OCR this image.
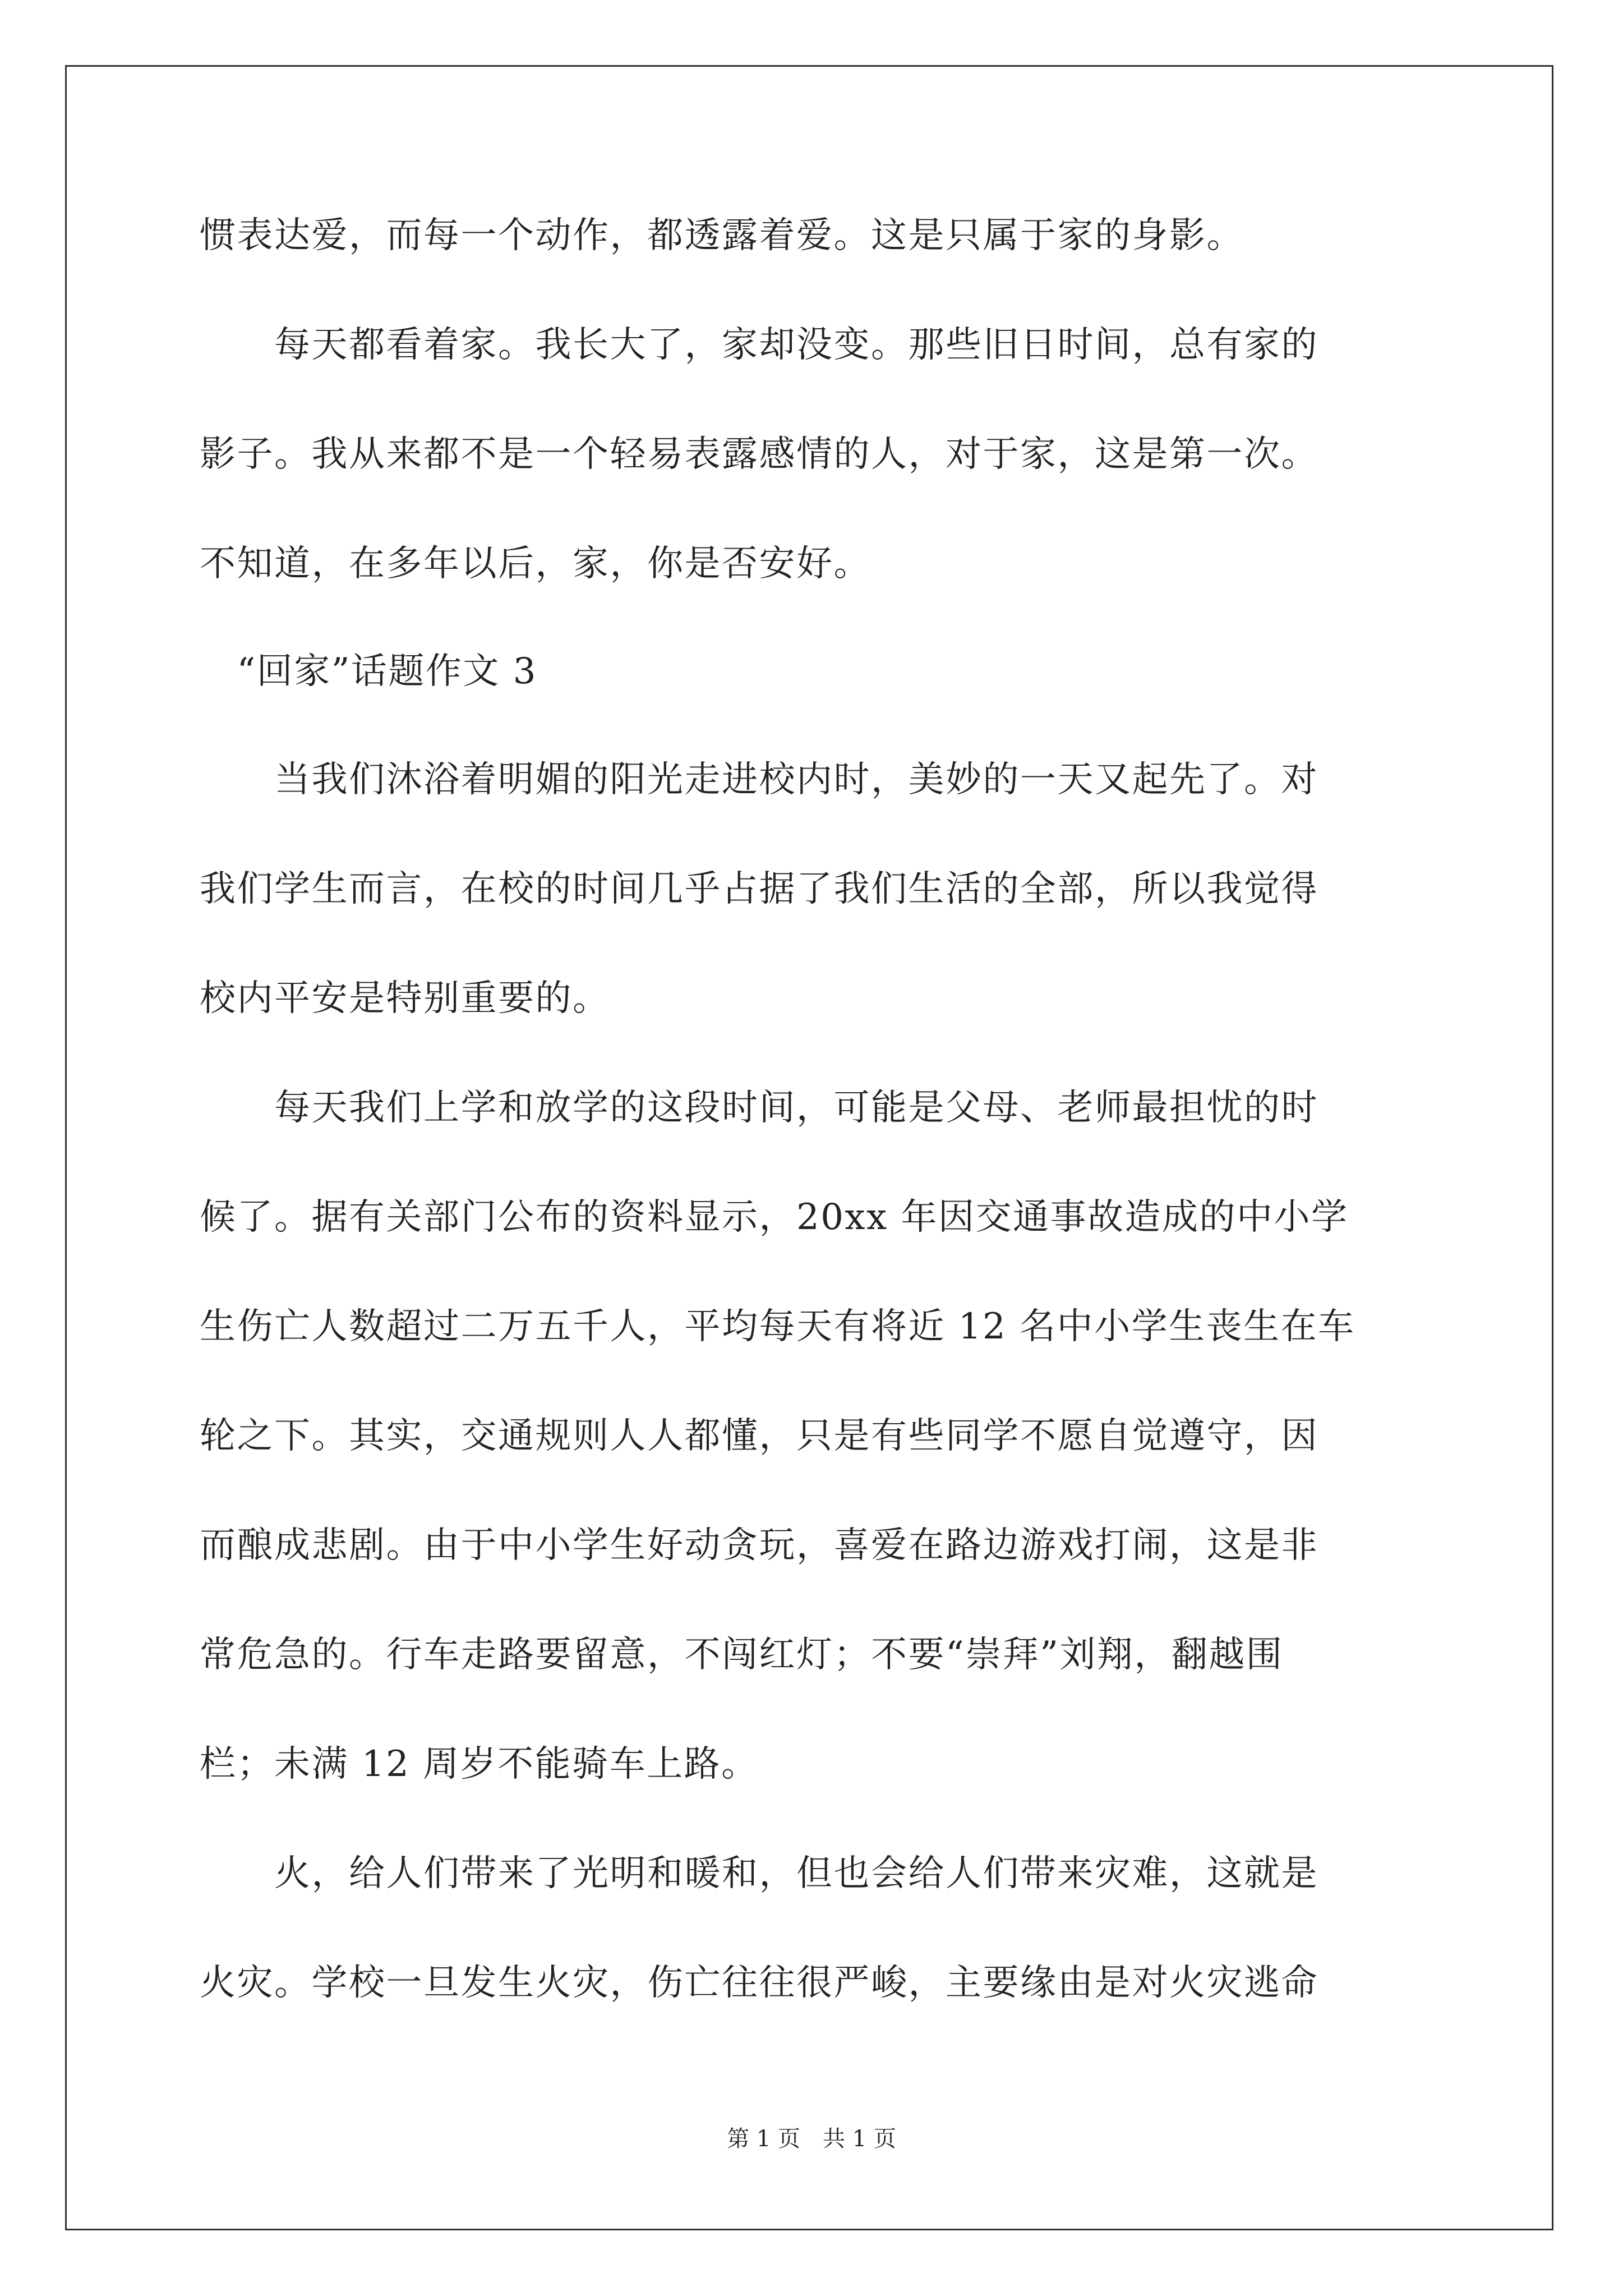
惯表达爱，而每一个动作，都透露着爱。这是只属于家的身影。
　　每天都看着家。我长大了，家却没变。那些旧日时间，总有家的
影子。我从来都不是一个轻易表露感情的人，对于家，这是第一次。
不知道，在多年以后，家，你是否安好。
　“回家”话题作文 3
　　当我们沐浴着明媚的阳光走进校内时，美妙的一天又起先了。对
我们学生而言，在校的时间几乎占据了我们生活的全部，所以我觉得
校内平安是特别重要的。
　　每天我们上学和放学的这段时间，可能是父母、老师最担忧的时
候了。据有关部门公布的资料显示，20xx 年因交通事故造成的中小学
生伤亡人数超过二万五千人，平均每天有将近 12 名中小学生丧生在车
轮之下。其实，交通规则人人都懂，只是有些同学不愿自觉遵守，因
而酿成悲剧。由于中小学生好动贪玩，喜爱在路边游戏打闹，这是非
常危急的。行车走路要留意，不闯红灯；不要“崇拜”刘翔，翻越围
栏；未满 12 周岁不能骑车上路。
　　火，给人们带来了光明和暖和，但也会给人们带来灾难，这就是
火灾。学校一旦发生火灾，伤亡往往很严峻，主要缘由是对火灾逃命
第 1 页　共 1 页
